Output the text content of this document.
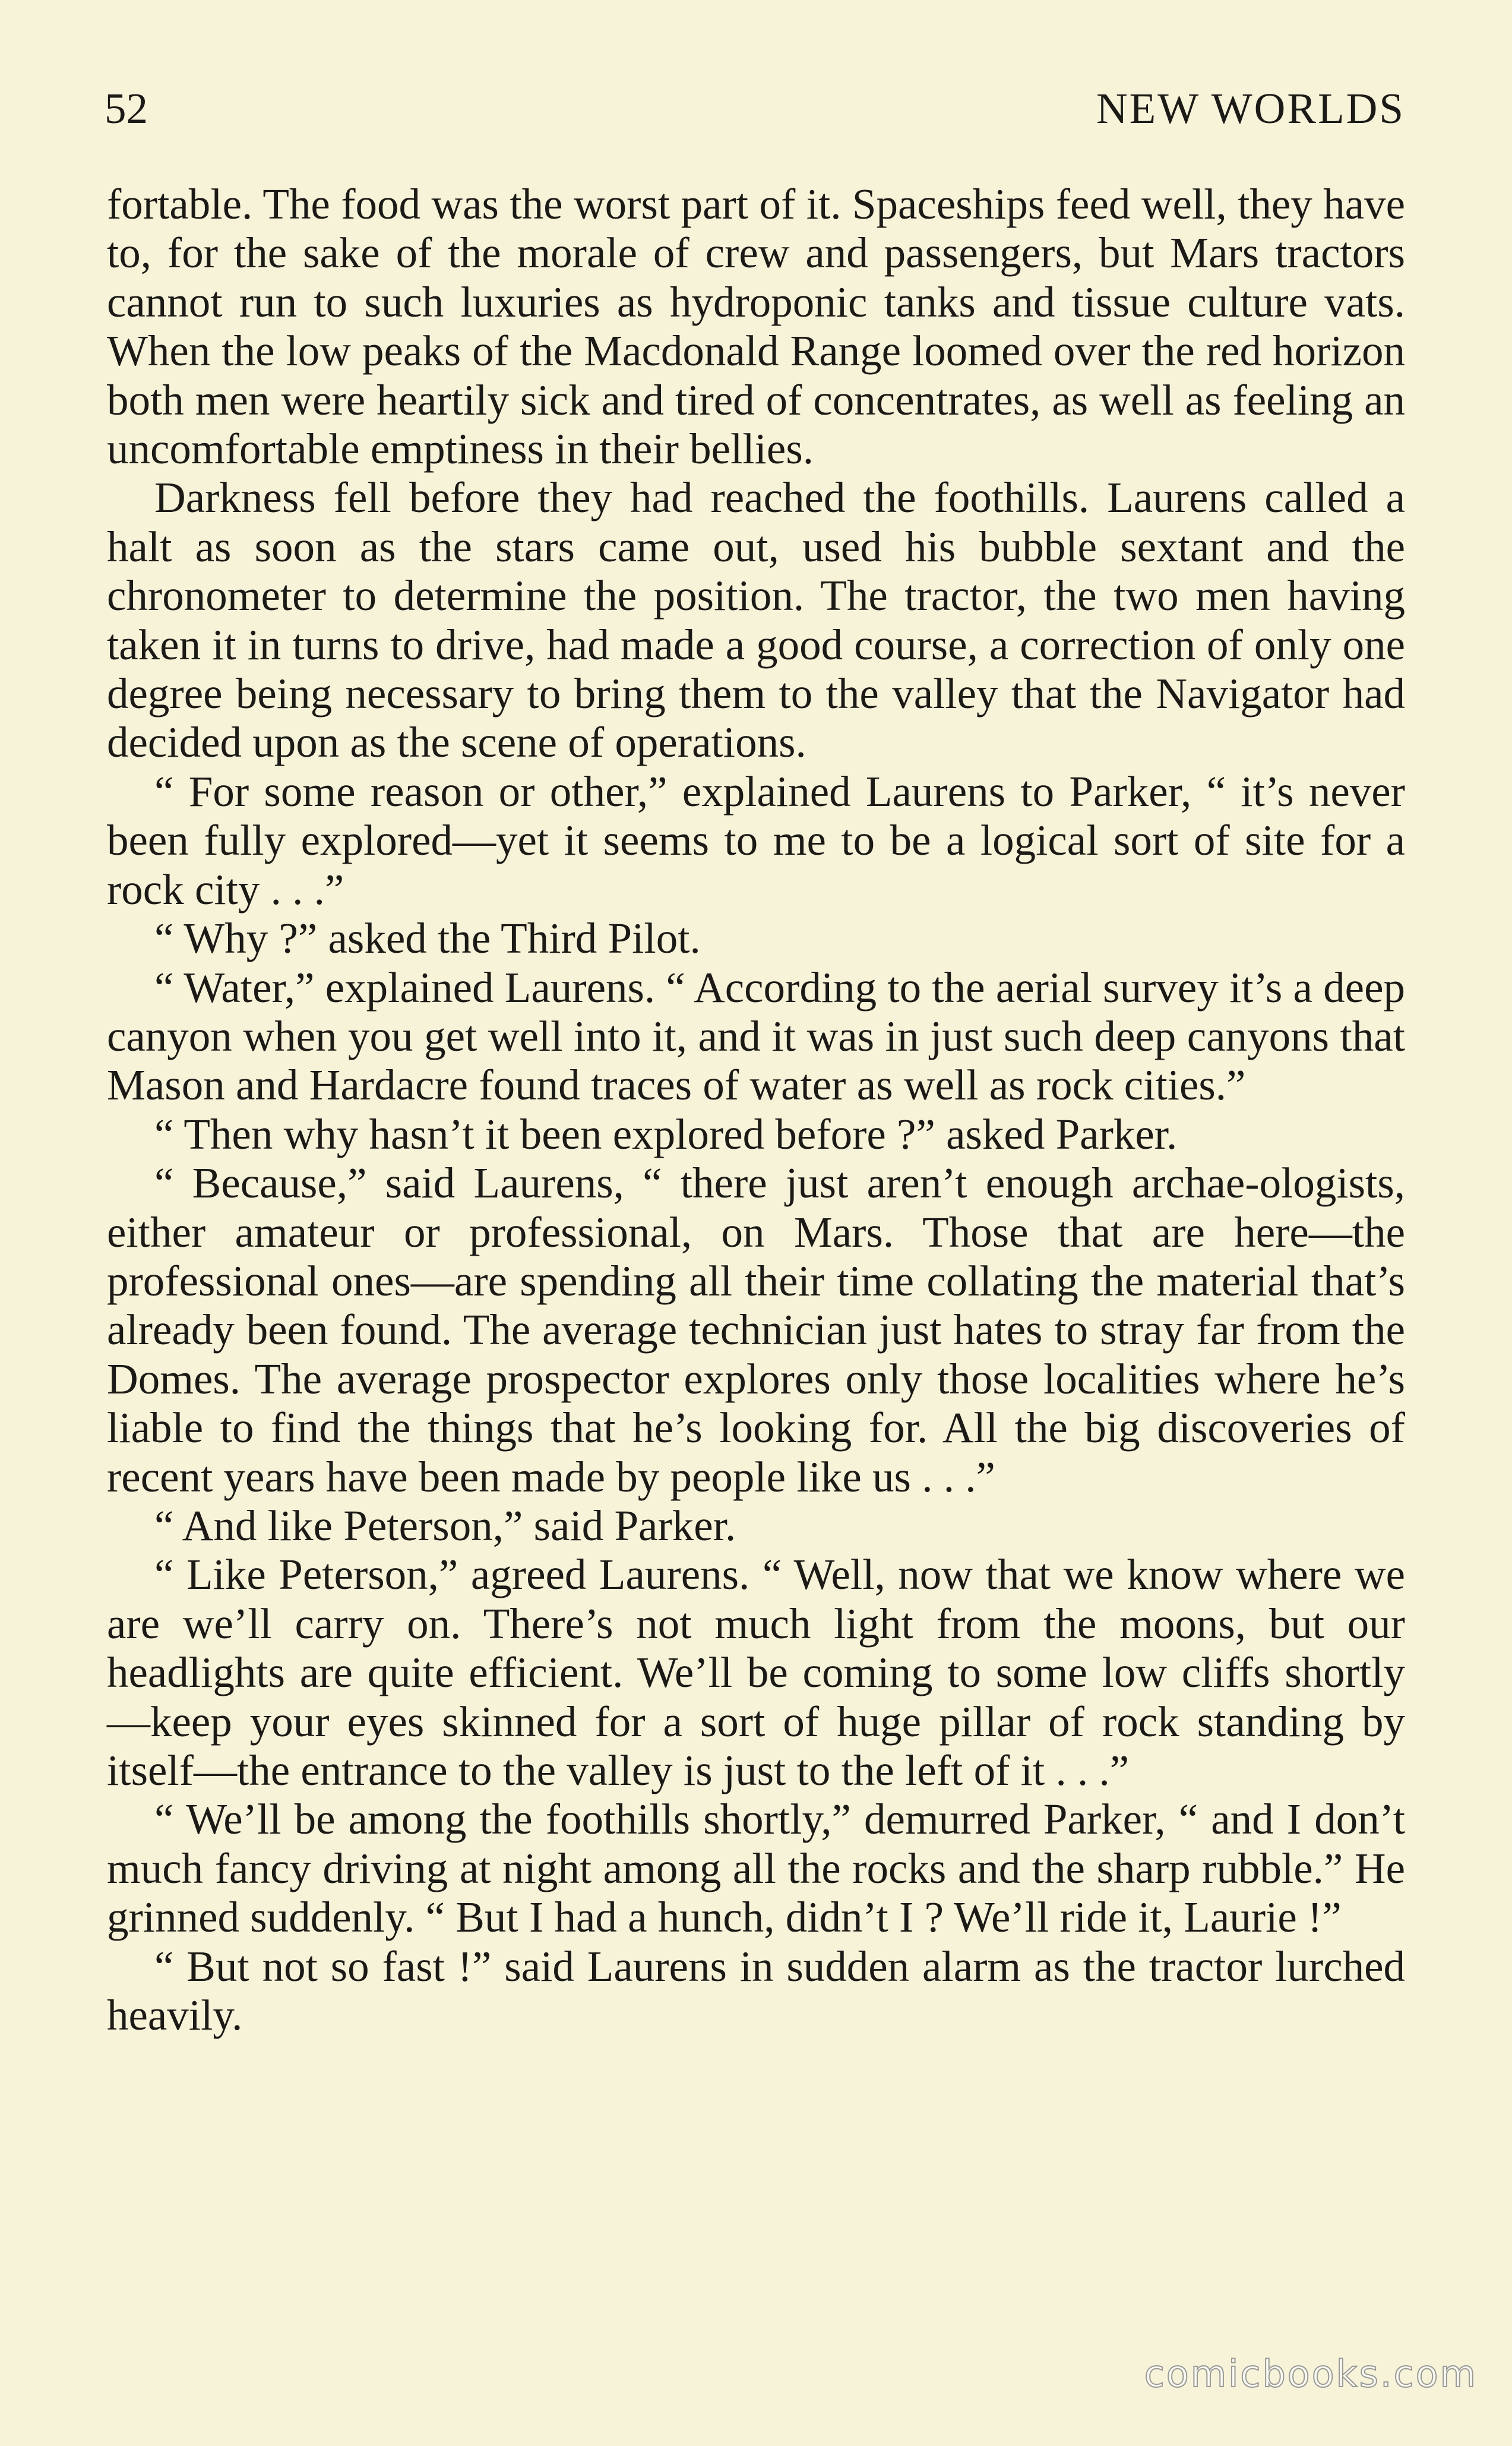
52	NEW WORLDS

fortable. The food was the worst part of it. Spaceships feed well, they have to, for the sake of the morale of crew and passengers, but Mars tractors cannot run to such luxuries as hydroponic tanks and tissue culture vats. When the low peaks of the Macdonald Range loomed over the red horizon both men were heartily sick and tired of concentrates, as well as feeling an uncomfortable emptiness in their bellies.

Darkness fell before they had reached the foothills. Laurens called a halt as soon as the stars came out, used his bubble sextant and the chronometer to determine the position. The tractor, the two men having taken it in turns to drive, had made a good course, a correction of only one degree being necessary to bring them to the valley that the Navigator had decided upon as the scene of operations.

“ For some reason or other,” explained Laurens to Parker, “ it’s never been fully explored—yet it seems to me to be a logical sort of site for a rock city . . .”

“ Why ?” asked the Third Pilot.

“ Water,” explained Laurens. “ According to the aerial survey it’s a deep canyon when you get well into it, and it was in just such deep canyons that Mason and Hardacre found traces of water as well as rock cities.”

“ Then why hasn’t it been explored before ?” asked Parker.

“ Because,” said Laurens, “ there just aren’t enough archae-ologists, either amateur or professional, on Mars. Those that are here—the professional ones—are spending all their time collating the material that’s already been found. The average technician just hates to stray far from the Domes. The average prospector explores only those localities where he’s liable to find the things that he’s looking for. All the big discoveries of recent years have been made by people like us . . .”

“ And like Peterson,” said Parker.

“ Like Peterson,” agreed Laurens. “ Well, now that we know where we are we’ll carry on. There’s not much light from the moons, but our headlights are quite efficient. We’ll be coming to some low cliffs shortly—keep your eyes skinned for a sort of huge pillar of rock standing by itself—the entrance to the valley is just to the left of it . . .”

“ We’ll be among the foothills shortly,” demurred Parker, “ and I don’t much fancy driving at night among all the rocks and the sharp rubble.” He grinned suddenly. “ But I had a hunch, didn’t I ? We’ll ride it, Laurie !”

“ But not so fast !” said Laurens in sudden alarm as the tractor lurched heavily.

comicbooks.com
